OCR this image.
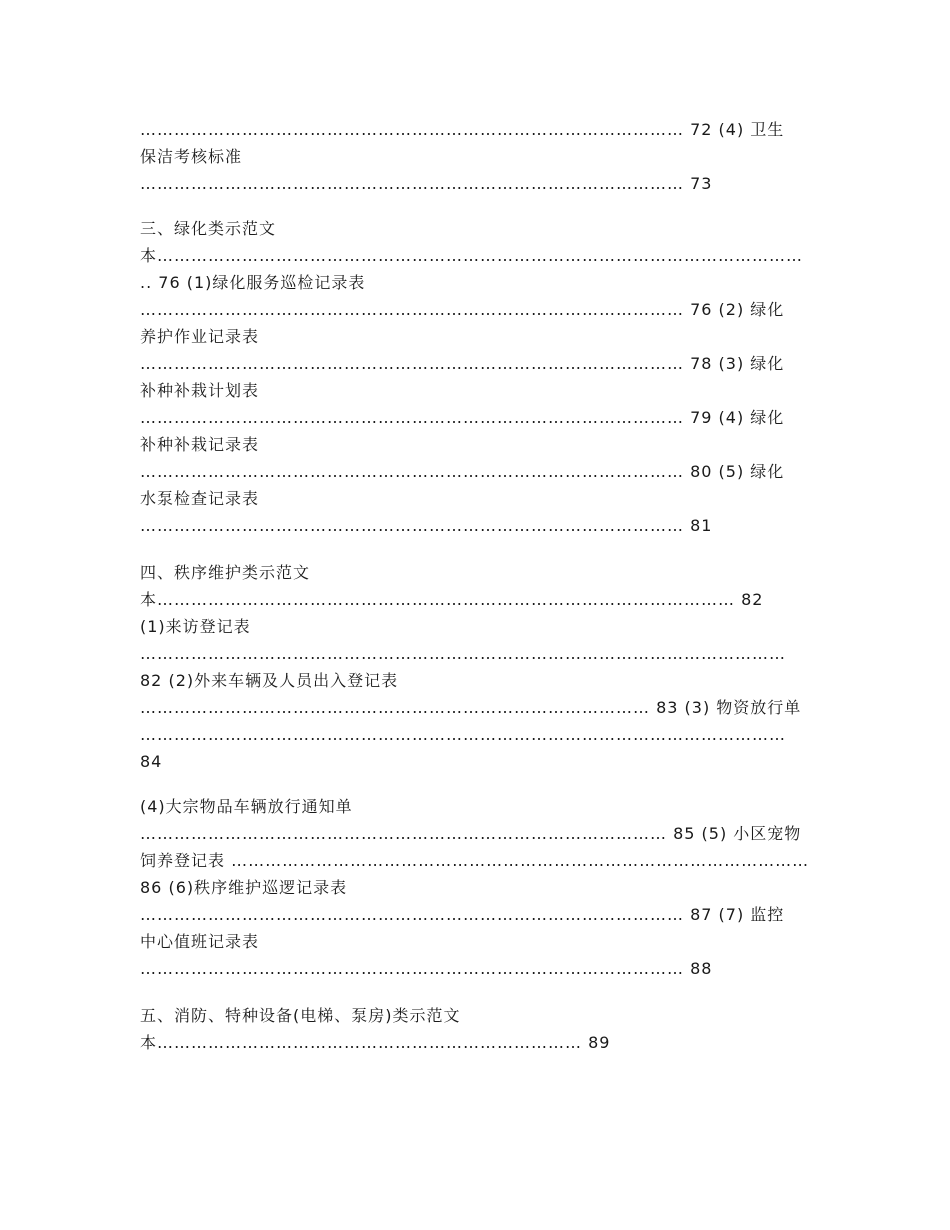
…………………………………………………………………………………… 72 (4) 卫生
保洁考核标准
…………………………………………………………………………………… 73
三、绿化类示范文
本……………………………………………………………………………………………………
.. 76 (1)绿化服务巡检记录表
…………………………………………………………………………………… 76 (2) 绿化
养护作业记录表
…………………………………………………………………………………… 78 (3) 绿化
补种补栽计划表
…………………………………………………………………………………… 79 (4) 绿化
补种补栽记录表
…………………………………………………………………………………… 80 (5) 绿化
水泵检查记录表
…………………………………………………………………………………… 81
四、秩序维护类示范文
本………………………………………………………………………………………… 82
(1)来访登记表
……………………………………………………………………………………………………
82 (2)外来车辆及人员出入登记表
……………………………………………………………………………… 83 (3) 物资放行单
……………………………………………………………………………………………………
84
(4)大宗物品车辆放行通知单
………………………………………………………………………………… 85 (5) 小区宠物
饲养登记表 …………………………………………………………………………………………
86 (6)秩序维护巡逻记录表
…………………………………………………………………………………… 87 (7) 监控
中心值班记录表
…………………………………………………………………………………… 88
五、消防、特种设备(电梯、泵房)类示范文
本………………………………………………………………… 89
